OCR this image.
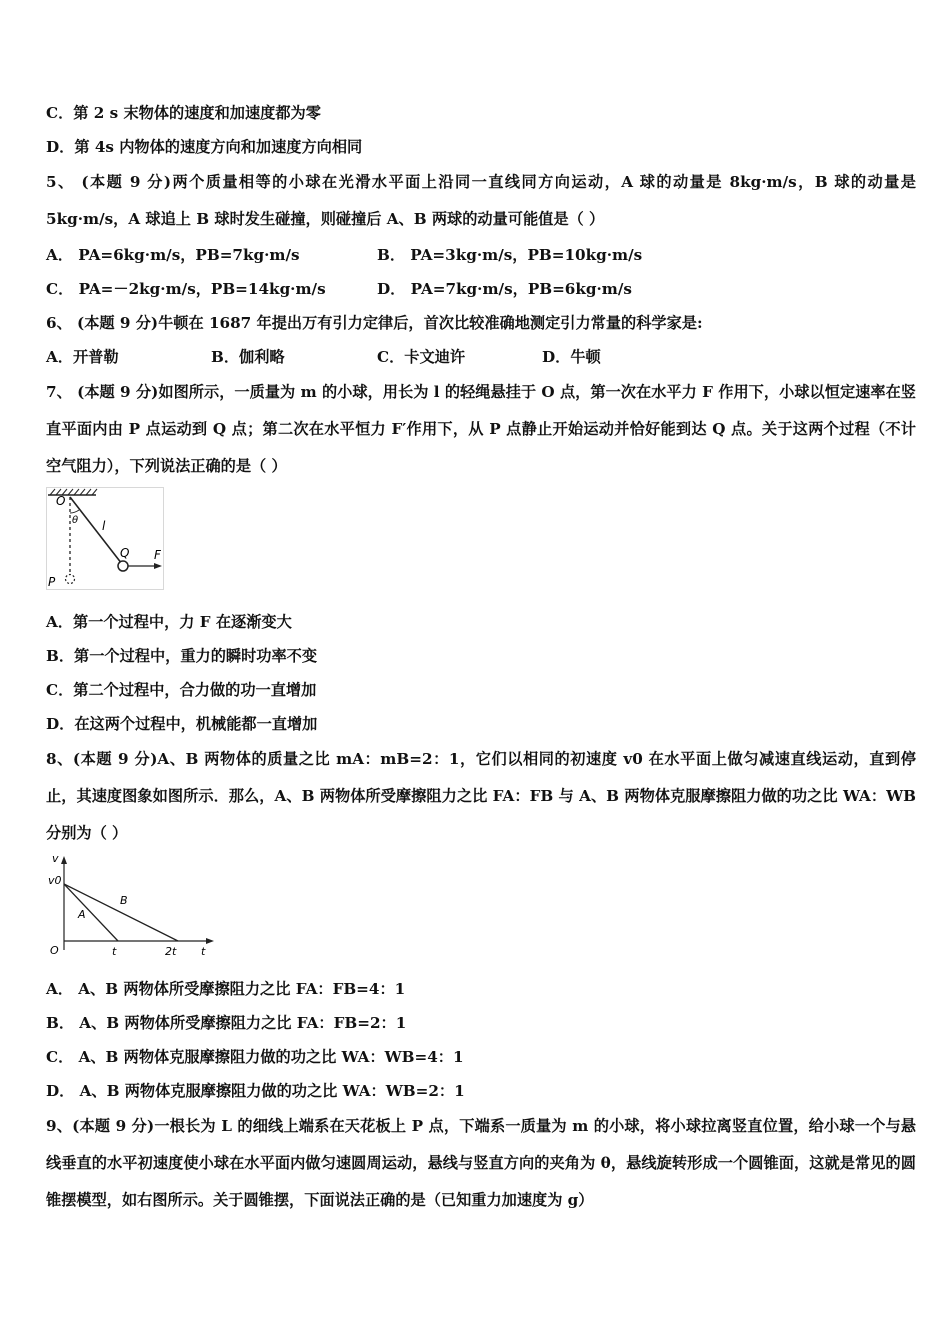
C．第 2 s 末物体的速度和加速度都为零
D．第 4s 内物体的速度方向和加速度方向相同
5、 (本题 9 分)两个质量相等的小球在光滑水平面上沿同一直线同方向运动，A 球的动量是 8kg·m/s，B 球的动量是 5kg·m/s，A 球追上 B 球时发生碰撞，则碰撞后 A、B 两球的动量可能值是（ ）
A． PA=6kg·m/s，PB=7kg·m/s	B． PA=3kg·m/s，PB=10kg·m/s
C． PA=－2kg·m/s，PB=14kg·m/s	D． PA=7kg·m/s，PB=6kg·m/s
6、 (本题 9 分)牛顿在 1687 年提出万有引力定律后，首次比较准确地测定引力常量的科学家是:
A．开普勒	B．伽利略	C．卡文迪许	D．牛顿
7、 (本题 9 分)如图所示，一质量为 m 的小球，用长为 l 的轻绳悬挂于 O 点，第一次在水平力 F 作用下，小球以恒定速率在竖直平面内由 P 点运动到 Q 点；第二次在水平恒力 F′作用下，从 P 点静止开始运动并恰好能到达 Q 点。关于这两个过程（不计空气阻力），下列说法正确的是（ ）
O
θ l
Q F
P
A．第一个过程中，力 F 在逐渐变大
B．第一个过程中，重力的瞬时功率不变
C．第二个过程中，合力做的功一直增加
D．在这两个过程中，机械能都一直增加
8、(本题 9 分)A、B 两物体的质量之比 mA：mB=2：1，它们以相同的初速度 v0 在水平面上做匀减速直线运动，直到停止，其速度图象如图所示．那么，A、B 两物体所受摩擦阻力之比 FA：FB 与 A、B 两物体克服摩擦阻力做的功之比 WA：WB 分别为（ ）
v
v0
A
B
O	t	2t t
A． A、B 两物体所受摩擦阻力之比 FA：FB=4：1
B． A、B 两物体所受摩擦阻力之比 FA：FB=2：1
C． A、B 两物体克服摩擦阻力做的功之比 WA：WB=4：1
D． A、B 两物体克服摩擦阻力做的功之比 WA：WB=2：1
9、(本题 9 分)一根长为 L 的细线上端系在天花板上 P 点，下端系一质量为 m 的小球，将小球拉离竖直位置，给小球一个与悬线垂直的水平初速度使小球在水平面内做匀速圆周运动，悬线与竖直方向的夹角为 θ，悬线旋转形成一个圆锥面，这就是常见的圆锥摆模型，如右图所示。关于圆锥摆，下面说法正确的是（已知重力加速度为 g）
